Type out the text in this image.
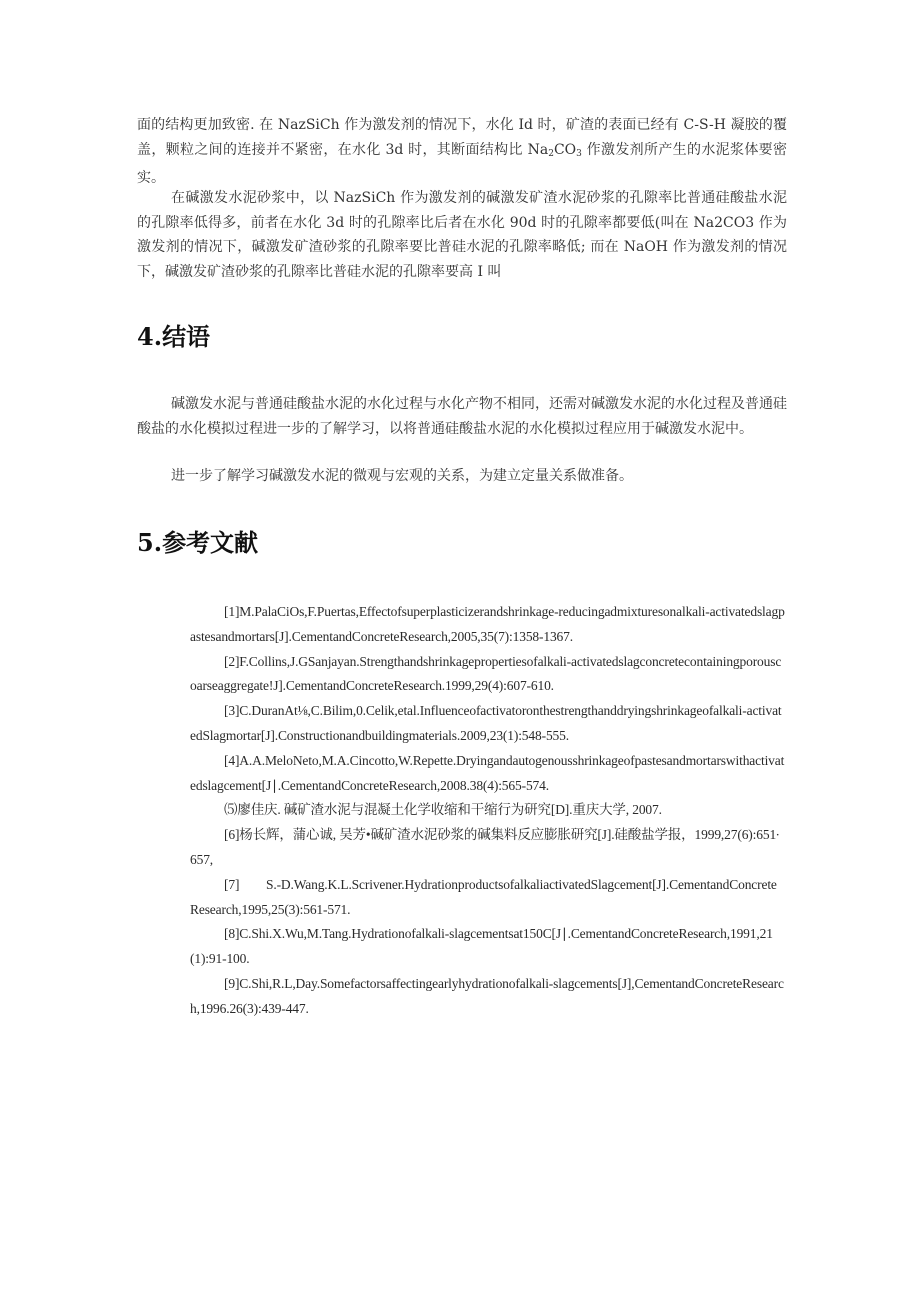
面的结构更加致密. 在 NazSiCh 作为激发剂的情况下，水化 Id 时，矿渣的表面已经有 C-S-H 凝胶的覆盖，颗粒之间的连接并不紧密，在水化 3d 时，其断面结构比 $Na_2CO_3$ 作激发剂所产生的水泥浆体要密实。

在碱激发水泥砂浆中，以 NazSiCh 作为激发剂的碱激发矿渣水泥砂浆的孔隙率比普通硅酸盐水泥的孔隙率低得多，前者在水化 3d 时的孔隙率比后者在水化 90d 时的孔隙率都要低(叫在 Na2CO3 作为激发剂的情况下，碱激发矿渣砂浆的孔隙率要比普硅水泥的孔隙率略低; 而在 NaOH 作为激发剂的情况下，碱激发矿渣砂浆的孔隙率比普硅水泥的孔隙率要高 I 叫

4.结语

碱激发水泥与普通硅酸盐水泥的水化过程与水化产物不相同，还需对碱激发水泥的水化过程及普通硅酸盐的水化模拟过程进一步的了解学习，以将普通硅酸盐水泥的水化模拟过程应用于碱激发水泥中。

进一步了解学习碱激发水泥的微观与宏观的关系，为建立定量关系做准备。

5.参考文献

[1]M.PalaCiOs,F.Puertas,Effectofsuperplasticizerandshrinkage-reducingadmixturesonalkali-activatedslagpastesandmortars[J].CementandConcreteResearch,2005,35(7):1358-1367.

[2]F.Collins,J.GSanjayan.Strengthandshrinkagepropertiesofalkali-activatedslagconcretecontainingporouscoarseaggregate!J].CementandConcreteResearch.1999,29(4):607-610.

[3]C.DuranAt⅛,C.Bilim,0.Celik,etal.Influenceofactivatoronthestrengthanddryingshrinkageofalkali-activatedSlagmortar[J].Constructionandbuildingmaterials.2009,23(1):548-555.

[4]A.A.MeloNeto,M.A.Cincotto,W.Repette.Dryingandautogenousshrinkageofpastesandmortarswithactivatedslagcement[J∣.CementandConcreteResearch,2008.38(4):565-574.

⑸廖佳庆. 碱矿渣水泥与混凝土化学收缩和干缩行为研究[D].重庆大学, 2007.

[6]杨长辉，蒲心诚, 吴芳•碱矿渣水泥砂浆的碱集料反应膨胀研究[J].硅酸盐学报，1999,27(6):651∙657,

[7]　　S.-D.Wang.K.L.Scrivener.HydrationproductsofalkaliactivatedSlagcement[J].CementandConcreteResearch,1995,25(3):561-571.

[8]C.Shi.X.Wu,M.Tang.Hydrationofalkali-slagcementsat150C[J∣.CementandConcreteResearch,1991,21(1):91-100.

[9]C.Shi,R.L,Day.Somefactorsaffectingearlyhydrationofalkali-slagcements[J],CementandConcreteResearch,1996.26(3):439-447.
